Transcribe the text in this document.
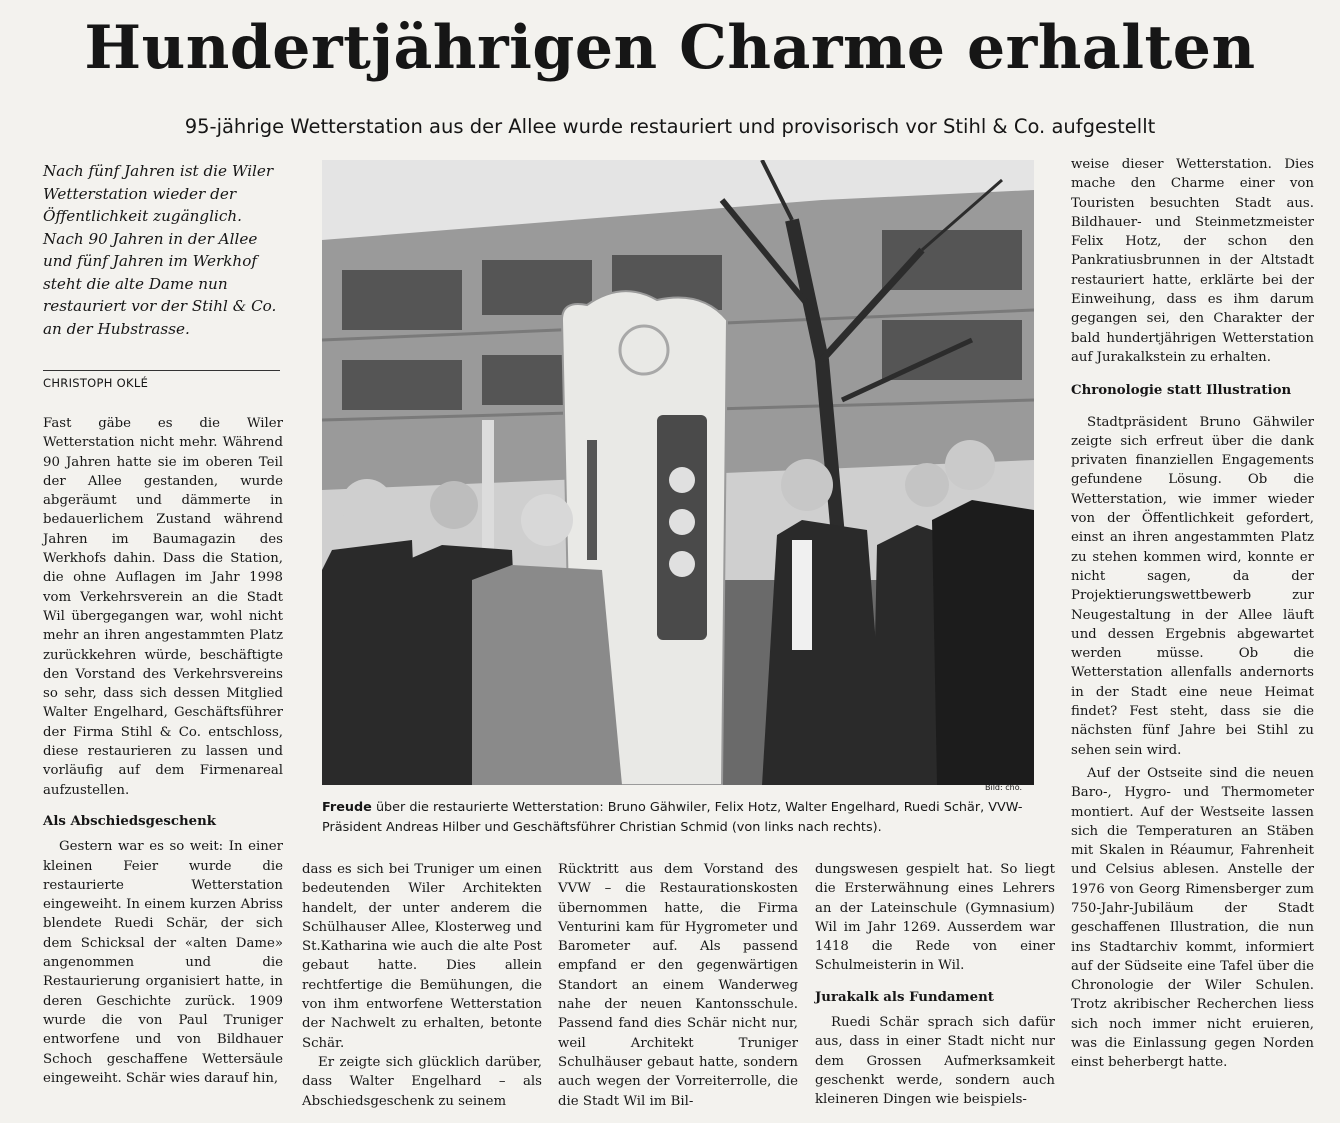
Hundertjährigen Charme erhalten
95-jährige Wetterstation aus der Allee wurde restauriert und provisorisch vor Stihl & Co. aufgestellt
Nach fünf Jahren ist die Wiler Wetterstation wieder der Öffentlichkeit zugänglich. Nach 90 Jahren in der Allee und fünf Jahren im Werkhof steht die alte Dame nun restauriert vor der Stihl & Co. an der Hubstrasse.
CHRISTOPH OKLÉ

Fast gäbe es die Wiler Wetterstation nicht mehr. Während 90 Jahren hatte sie im oberen Teil der Allee gestanden, wurde abgeräumt und dämmerte in bedauerlichem Zustand während Jahren im Baumagazin des Werkhofs dahin. Dass die Station, die ohne Auflagen im Jahr 1998 vom Verkehrsverein an die Stadt Wil übergegangen war, wohl nicht mehr an ihren angestammten Platz zurückkehren würde, beschäftigte den Vorstand des Verkehrsvereins so sehr, dass sich dessen Mitglied Walter Engelhard, Geschäftsführer der Firma Stihl & Co. entschloss, diese restaurieren zu lassen und vorläufig auf dem Firmenareal aufzustellen.

Als Abschiedsgeschenk

Gestern war es so weit: In einer kleinen Feier wurde die restaurierte Wetterstation eingeweiht. In einem kurzen Abriss blendete Ruedi Schär, der sich dem Schicksal der «alten Dame» angenommen und die Restaurierung organisiert hatte, in deren Geschichte zurück. 1909 wurde die von Paul Truniger entworfene und von Bildhauer Schoch geschaffene Wettersäule eingeweiht. Schär wies darauf hin,

Bild: cho.
Freude über die restaurierte Wetterstation: Bruno Gähwiler, Felix Hotz, Walter Engelhard, Ruedi Schär, VVW-Präsident Andreas Hilber und Geschäftsführer Christian Schmid (von links nach rechts).

dass es sich bei Truniger um einen bedeutenden Wiler Architekten handelt, der unter anderem die Schülhauser Allee, Klosterweg und St.Katharina wie auch die alte Post gebaut hatte. Dies allein rechtfertige die Bemühungen, die von ihm entworfene Wetterstation der Nachwelt zu erhalten, betonte Schär.

Er zeigte sich glücklich darüber, dass Walter Engelhard – als Abschiedsgeschenk zu seinem

Rücktritt aus dem Vorstand des VVW – die Restaurationskosten übernommen hatte, die Firma Venturini kam für Hygrometer und Barometer auf. Als passend empfand er den gegenwärtigen Standort an einem Wanderweg nahe der neuen Kantonsschule. Passend fand dies Schär nicht nur, weil Architekt Truniger Schulhäuser gebaut hatte, sondern auch wegen der Vorreiterrolle, die die Stadt Wil im Bil-

dungswesen gespielt hat. So liegt die Ersterwähnung eines Lehrers an der Lateinschule (Gymnasium) Wil im Jahr 1269. Ausserdem war 1418 die Rede von einer Schulmeisterin in Wil.

Jurakalk als Fundament

Ruedi Schär sprach sich dafür aus, dass in einer Stadt nicht nur dem Grossen Aufmerksamkeit geschenkt werde, sondern auch kleineren Dingen wie beispiels-

weise dieser Wetterstation. Dies mache den Charme einer von Touristen besuchten Stadt aus. Bildhauer- und Steinmetzmeister Felix Hotz, der schon den Pankratiusbrunnen in der Altstadt restauriert hatte, erklärte bei der Einweihung, dass es ihm darum gegangen sei, den Charakter der bald hundertjährigen Wetterstation auf Jurakalkstein zu erhalten.

Chronologie statt Illustration

Stadtpräsident Bruno Gähwiler zeigte sich erfreut über die dank privaten finanziellen Engagements gefundene Lösung. Ob die Wetterstation, wie immer wieder von der Öffentlichkeit gefordert, einst an ihren angestammten Platz zu stehen kommen wird, konnte er nicht sagen, da der Projektierungswettbewerb zur Neugestaltung in der Allee läuft und dessen Ergebnis abgewartet werden müsse. Ob die Wetterstation allenfalls andernorts in der Stadt eine neue Heimat findet? Fest steht, dass sie die nächsten fünf Jahre bei Stihl zu sehen sein wird.

Auf der Ostseite sind die neuen Baro-, Hygro- und Thermometer montiert. Auf der Westseite lassen sich die Temperaturen an Stäben mit Skalen in Réaumur, Fahrenheit und Celsius ablesen. Anstelle der 1976 von Georg Rimensberger zum 750-Jahr-Jubiläum der Stadt geschaffenen Illustration, die nun ins Stadtarchiv kommt, informiert auf der Südseite eine Tafel über die Chronologie der Wiler Schulen. Trotz akribischer Recherchen liess sich noch immer nicht eruieren, was die Einlassung gegen Norden einst beherbergt hatte.
